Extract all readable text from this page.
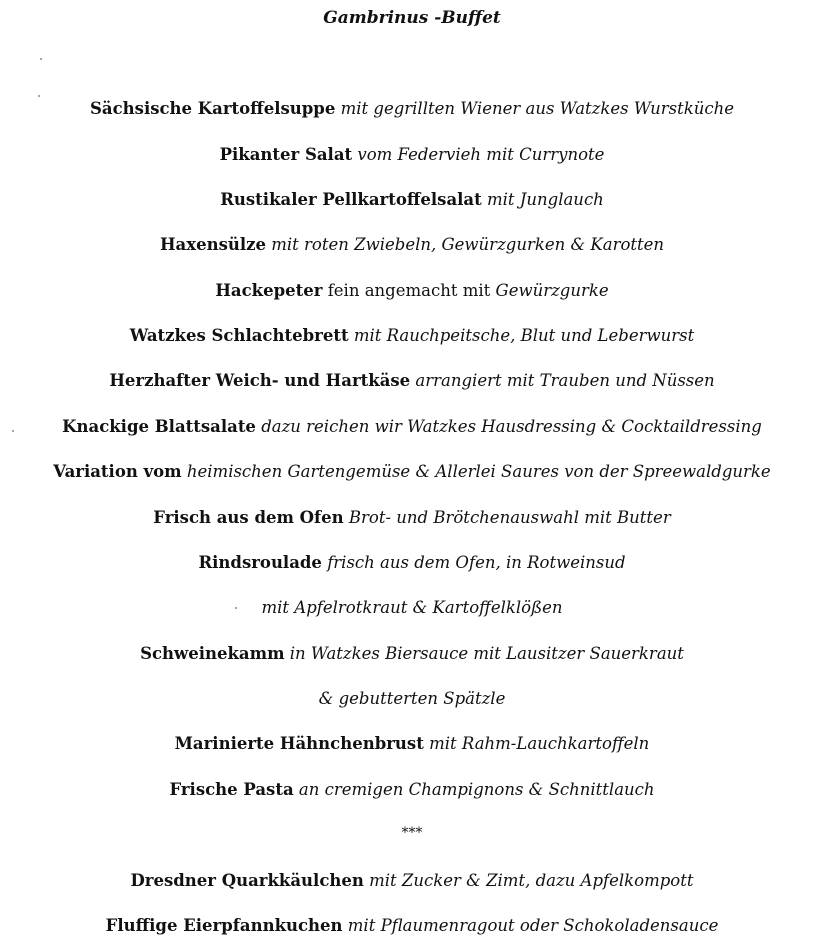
Gambrinus -Buffet
Sächsische Kartoffelsuppe mit gegrillten Wiener aus Watzkes Wurstküche
Pikanter Salat vom Federvieh mit Currynote
Rustikaler Pellkartoffelsalat mit Junglauch
Haxensülze mit roten Zwiebeln, Gewürzgurken & Karotten
Hackepeter fein angemacht mit Gewürzgurke
Watzkes Schlachtebrett mit Rauchpeitsche, Blut und Leberwurst
Herzhafter Weich- und Hartkäse arrangiert mit Trauben und Nüssen
Knackige Blattsalate dazu reichen wir Watzkes Hausdressing & Cocktaildressing
Variation vom heimischen Gartengemüse & Allerlei Saures von der Spreewaldgurke
Frisch aus dem Ofen Brot- und Brötchenauswahl mit Butter
Rindsroulade frisch aus dem Ofen, in Rotweinsud
mit Apfelrotkraut & Kartoffelklößen
Schweinekamm in Watzkes Biersauce mit Lausitzer Sauerkraut
& gebutterten Spätzle
Marinierte Hähnchenbrust mit Rahm-Lauchkartoffeln
Frische Pasta an cremigen Champignons & Schnittlauch
***
Dresdner Quarkkäulchen mit Zucker & Zimt, dazu Apfelkompott
Fluffige Eierpfannkuchen mit Pflaumenragout oder Schokoladensauce
